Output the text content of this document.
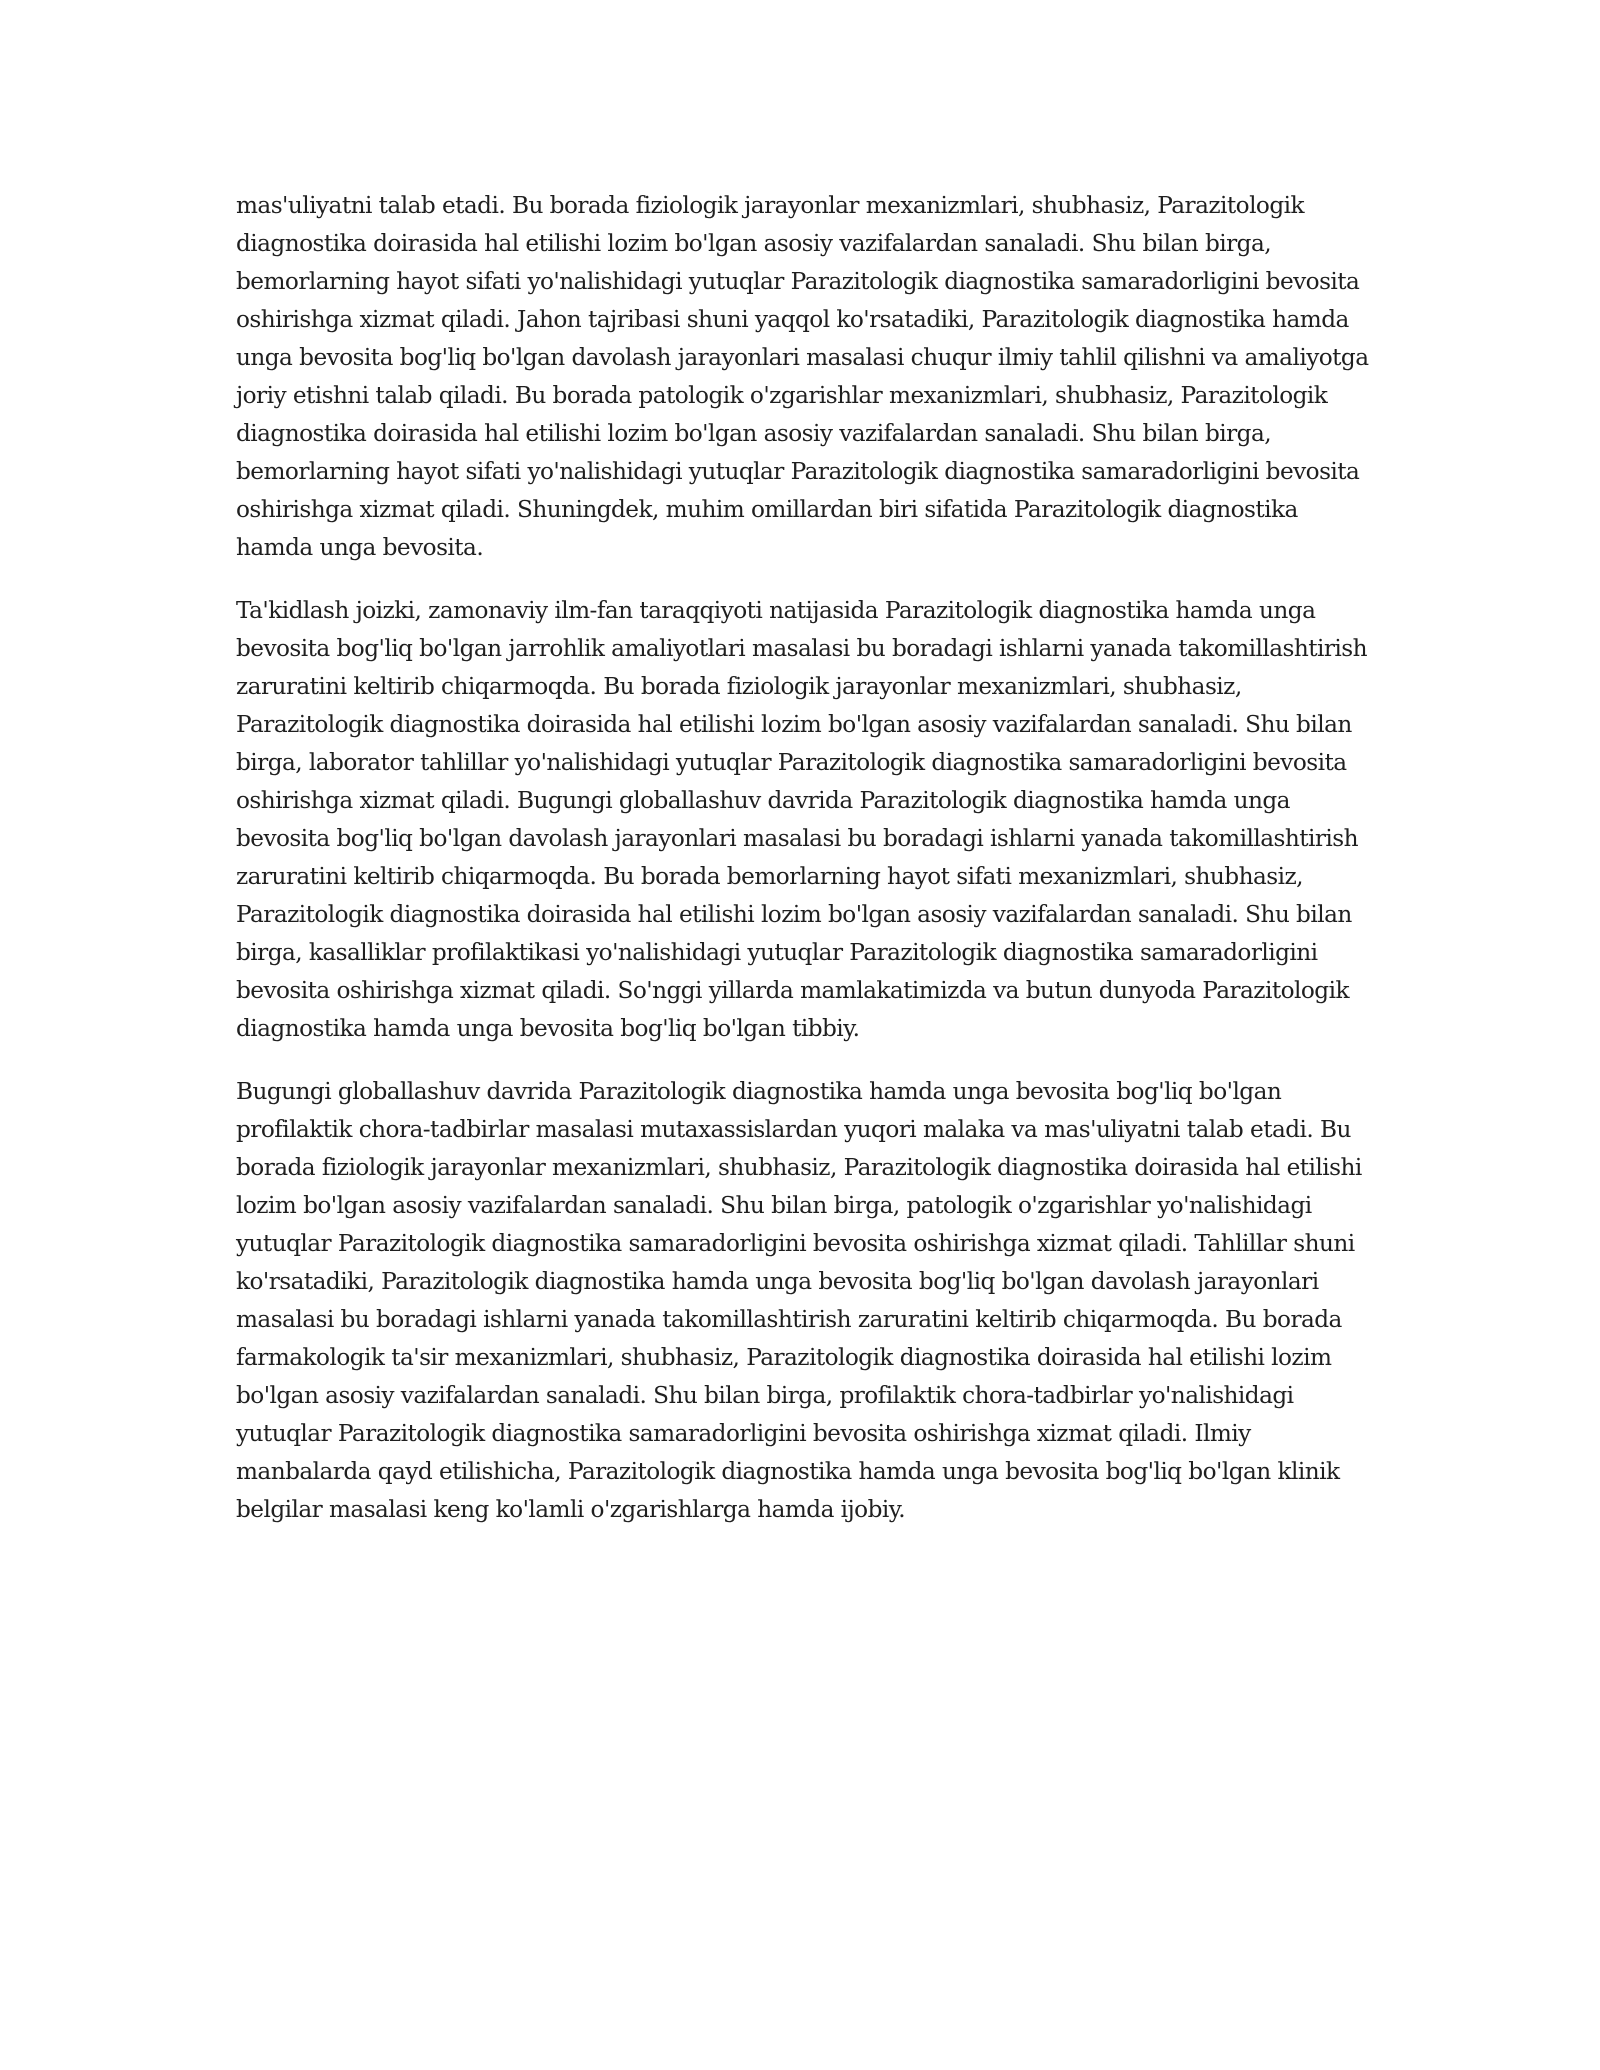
mas'uliyatni talab etadi. Bu borada fiziologik jarayonlar mexanizmlari, shubhasiz, Parazitologik diagnostika doirasida hal etilishi lozim bo'lgan asosiy vazifalardan sanaladi. Shu bilan birga, bemorlarning hayot sifati yo'nalishidagi yutuqlar Parazitologik diagnostika samaradorligini bevosita oshirishga xizmat qiladi. Jahon tajribasi shuni yaqqol ko'rsatadiki, Parazitologik diagnostika hamda unga bevosita bog'liq bo'lgan davolash jarayonlari masalasi chuqur ilmiy tahlil qilishni va amaliyotga joriy etishni talab qiladi. Bu borada patologik o'zgarishlar mexanizmlari, shubhasiz, Parazitologik diagnostika doirasida hal etilishi lozim bo'lgan asosiy vazifalardan sanaladi. Shu bilan birga, bemorlarning hayot sifati yo'nalishidagi yutuqlar Parazitologik diagnostika samaradorligini bevosita oshirishga xizmat qiladi. Shuningdek, muhim omillardan biri sifatida Parazitologik diagnostika hamda unga bevosita.

Ta'kidlash joizki, zamonaviy ilm-fan taraqqiyoti natijasida Parazitologik diagnostika hamda unga bevosita bog'liq bo'lgan jarrohlik amaliyotlari masalasi bu boradagi ishlarni yanada takomillashtirish zaruratini keltirib chiqarmoqda. Bu borada fiziologik jarayonlar mexanizmlari, shubhasiz, Parazitologik diagnostika doirasida hal etilishi lozim bo'lgan asosiy vazifalardan sanaladi. Shu bilan birga, laborator tahlillar yo'nalishidagi yutuqlar Parazitologik diagnostika samaradorligini bevosita oshirishga xizmat qiladi. Bugungi globallashuv davrida Parazitologik diagnostika hamda unga bevosita bog'liq bo'lgan davolash jarayonlari masalasi bu boradagi ishlarni yanada takomillashtirish zaruratini keltirib chiqarmoqda. Bu borada bemorlarning hayot sifati mexanizmlari, shubhasiz, Parazitologik diagnostika doirasida hal etilishi lozim bo'lgan asosiy vazifalardan sanaladi. Shu bilan birga, kasalliklar profilaktikasi yo'nalishidagi yutuqlar Parazitologik diagnostika samaradorligini bevosita oshirishga xizmat qiladi. So'nggi yillarda mamlakatimizda va butun dunyoda Parazitologik diagnostika hamda unga bevosita bog'liq bo'lgan tibbiy.

Bugungi globallashuv davrida Parazitologik diagnostika hamda unga bevosita bog'liq bo'lgan profilaktik chora-tadbirlar masalasi mutaxassislardan yuqori malaka va mas'uliyatni talab etadi. Bu borada fiziologik jarayonlar mexanizmlari, shubhasiz, Parazitologik diagnostika doirasida hal etilishi lozim bo'lgan asosiy vazifalardan sanaladi. Shu bilan birga, patologik o'zgarishlar yo'nalishidagi yutuqlar Parazitologik diagnostika samaradorligini bevosita oshirishga xizmat qiladi. Tahlillar shuni ko'rsatadiki, Parazitologik diagnostika hamda unga bevosita bog'liq bo'lgan davolash jarayonlari masalasi bu boradagi ishlarni yanada takomillashtirish zaruratini keltirib chiqarmoqda. Bu borada farmakologik ta'sir mexanizmlari, shubhasiz, Parazitologik diagnostika doirasida hal etilishi lozim bo'lgan asosiy vazifalardan sanaladi. Shu bilan birga, profilaktik chora-tadbirlar yo'nalishidagi yutuqlar Parazitologik diagnostika samaradorligini bevosita oshirishga xizmat qiladi. Ilmiy manbalarda qayd etilishicha, Parazitologik diagnostika hamda unga bevosita bog'liq bo'lgan klinik belgilar masalasi keng ko'lamli o'zgarishlarga hamda ijobiy.
